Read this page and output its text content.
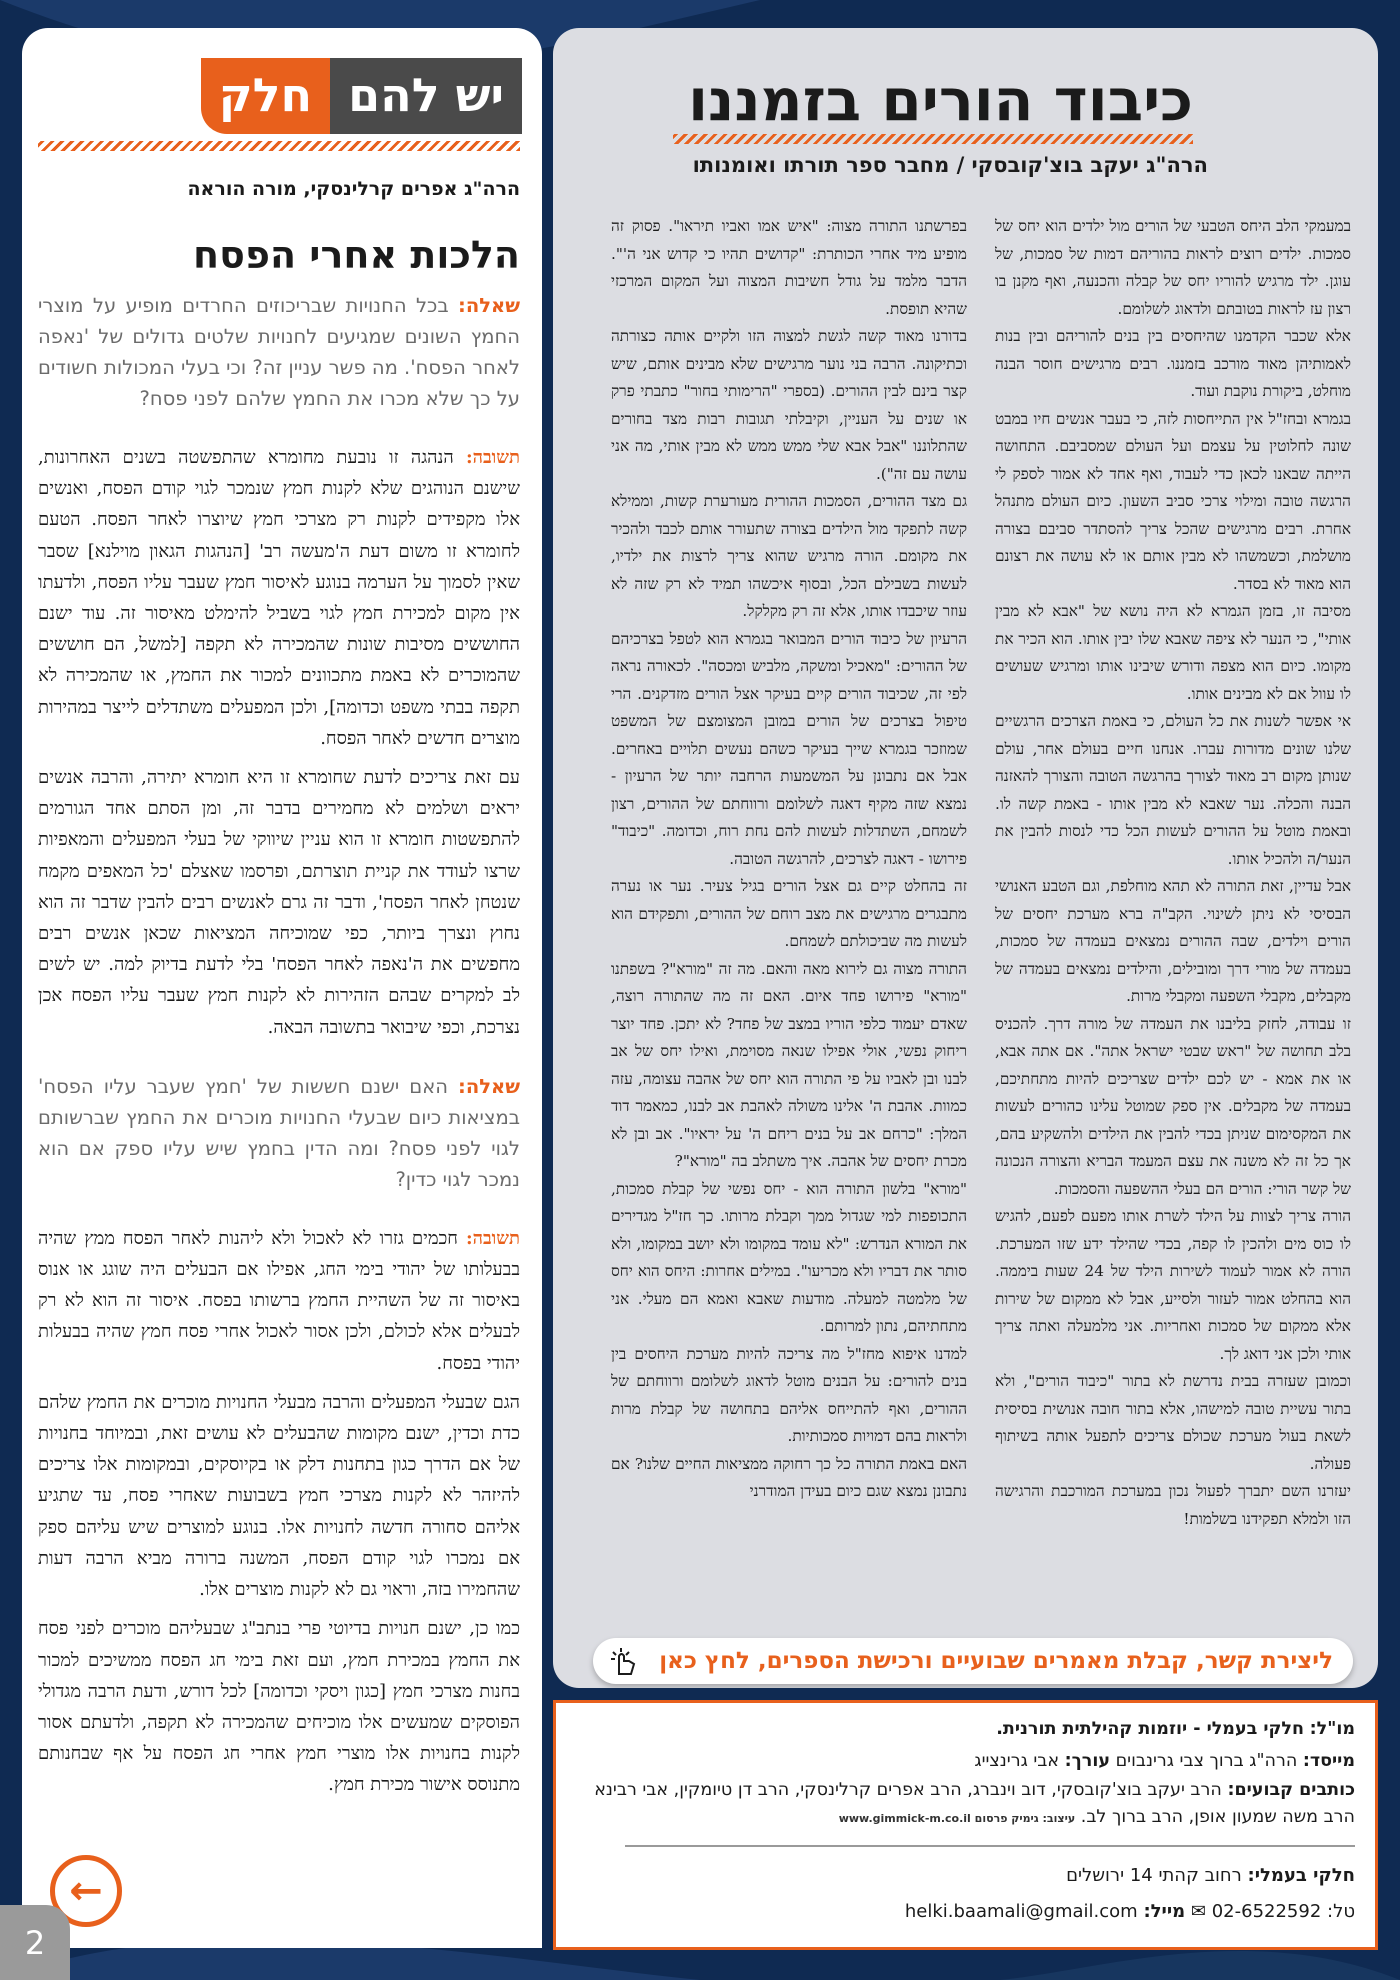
יש להם
חלק
הרה"ג אפרים קרלינסקי, מורה הוראה
הלכות אחרי הפסח

שאלה: בכל החנויות שבריכוזים החרדים מופיע על מוצרי החמץ השונים שמגיעים לחנויות שלטים גדולים של 'נאפה לאחר הפסח'. מה פשר עניין זה? וכי בעלי המכולות חשודים על כך שלא מכרו את החמץ שלהם לפני פסח?

תשובה: הנהגה זו נובעת מחומרא שהתפשטה בשנים האחרונות, שישנם הנוהגים שלא לקנות חמץ שנמכר לגוי קודם הפסח, ואנשים אלו מקפידים לקנות רק מצרכי חמץ שיוצרו לאחר הפסח. הטעם לחומרא זו משום דעת ה'מעשה רב' [הנהגות הגאון מוילנא] שסבר שאין לסמוך על הערמה בנוגע לאיסור חמץ שעבר עליו הפסח, ולדעתו אין מקום למכירת חמץ לגוי בשביל להימלט מאיסור זה. עוד ישנם החוששים מסיבות שונות שהמכירה לא תקפה [למשל, הם חוששים שהמוכרים לא באמת מתכוונים למכור את החמץ, או שהמכירה לא תקפה בבתי משפט וכדומה], ולכן המפעלים משתדלים לייצר במהירות מוצרים חדשים לאחר הפסח.

עם זאת צריכים לדעת שחומרא זו היא חומרא יתירה, והרבה אנשים יראים ושלמים לא מחמירים בדבר זה, ומן הסתם אחד הגורמים להתפשטות חומרא זו הוא עניין שיווקי של בעלי המפעלים והמאפיות שרצו לעודד את קניית תוצרתם, ופרסמו שאצלם 'כל המאפים מקמח שנטחן לאחר הפסח', ודבר זה גרם לאנשים רבים להבין שדבר זה הוא נחוץ ונצרך ביותר, כפי שמוכיחה המציאות שכאן אנשים רבים מחפשים את ה'נאפה לאחר הפסח' בלי לדעת בדיוק למה. יש לשים לב למקרים שבהם הזהירות לא לקנות חמץ שעבר עליו הפסח אכן נצרכת, וכפי שיבואר בתשובה הבאה.

שאלה: האם ישנם חששות של 'חמץ שעבר עליו הפסח' במציאות כיום שבעלי החנויות מוכרים את החמץ שברשותם לגוי לפני פסח? ומה הדין בחמץ שיש עליו ספק אם הוא נמכר לגוי כדין?

תשובה: חכמים גזרו לא לאכול ולא ליהנות לאחר הפסח ממץ שהיה בבעלותו של יהודי בימי החג, אפילו אם הבעלים היה שוגג או אנוס באיסור זה של השהיית החמץ ברשותו בפסח. איסור זה הוא לא רק לבעלים אלא לכולם, ולכן אסור לאכול אחרי פסח חמץ שהיה בבעלות יהודי בפסח.

הגם שבעלי המפעלים והרבה מבעלי החנויות מוכרים את החמץ שלהם כדת וכדין, ישנם מקומות שהבעלים לא עושים זאת, ובמיוחד בחנויות של אם הדרך כגון בתחנות דלק או בקיוסקים, ובמקומות אלו צריכים להיזהר לא לקנות מצרכי חמץ בשבועות שאחרי פסח, עד שתגיע אליהם סחורה חדשה לחנויות אלו. בנוגע למוצרים שיש עליהם ספק אם נמכרו לגוי קודם הפסח, המשנה ברורה מביא הרבה דעות שהחמירו בזה, וראוי גם לא לקנות מוצרים אלו.

כמו כן, ישנם חנויות בדיוטי פרי בנתב"ג שבעליהם מוכרים לפני פסח את החמץ במכירת חמץ, ועם זאת בימי חג הפסח ממשיכים למכור בחנות מצרכי חמץ [כגון ויסקי וכדומה] לכל דורש, ודעת הרבה מגדולי הפוסקים שמעשים אלו מוכיחים שהמכירה לא תקפה, ולדעתם אסור לקנות בחנויות אלו מוצרי חמץ אחרי חג הפסח על אף שבחנותם מתנוסס אישור מכירת חמץ.

←
כיבוד הורים בזמננו
הרה"ג יעקב בוצ'קובסקי / מחבר ספר תורתו ואומנותו

בפרשתנו התורה מצוה: "איש אמו ואביו תיראו". פסוק זה מופיע מיד אחרי הכותרת: "קדושים תהיו כי קדוש אני ה'". הדבר מלמד על גודל חשיבות המצוה ועל המקום המרכזי שהיא תופסת.

בדורנו מאוד קשה לגשת למצוה הזו ולקיים אותה כצורתה וכתיקונה. הרבה בני נוער מרגישים שלא מבינים אותם, שיש קצר בינם לבין ההורים. (בספרי "הרימותי בחור" כתבתי פרק או שנים על העניין, וקיבלתי תגובות רבות מצד בחורים שהתלוננו "אבל אבא שלי ממש ממש לא מבין אותי, מה אני עושה עם זה").

גם מצד ההורים, הסמכות ההורית מעורערת קשות, וממילא קשה לתפקד מול הילדים בצורה שתעורר אותם לכבד ולהכיר את מקומם. הורה מרגיש שהוא צריך לרצות את ילדיו, לעשות בשבילם הכל, ובסוף איכשהו תמיד לא רק שזה לא עוזר שיכבדו אותו, אלא זה רק מקלקל.

הרעיון של כיבוד הורים המבואר בגמרא הוא לטפל בצרכיהם של ההורים: "מאכיל ומשקה, מלביש ומכסה". לכאורה נראה לפי זה, שכיבוד הורים קיים בעיקר אצל הורים מזדקנים. הרי טיפול בצרכים של הורים במובן המצומצם של המשפט שמוזכר בגמרא שייך בעיקר כשהם נעשים תלויים באחרים. אבל אם נתבונן על המשמעות הרחבה יותר של הרעיון - נמצא שזה מקיף דאגה לשלומם ורווחתם של ההורים, רצון לשמחם, השתדלות לעשות להם נחת רוח, וכדומה. "כיבוד" פירושו - דאגה לצרכים, להרגשה הטובה.

זה בהחלט קיים גם אצל הורים בגיל צעיר. נער או נערה מתבגרים מרגישים את מצב רוחם של ההורים, ותפקידם הוא לעשות מה שביכולתם לשמחם.

התורה מצוה גם לירוא מאה והאם. מה זה "מורא"? בשפתנו "מורא" פירושו פחד איום. האם זה מה שהתורה רוצה, שאדם יעמוד כלפי הוריו במצב של פחד? לא יתכן. פחד יוצר ריחוק נפשי, אולי אפילו שנאה מסוימת, ואילו יחס של אב לבנו ובן לאביו על פי התורה הוא יחס של אהבה עצומה, עזה כמוות. אהבת ה' אלינו משולה לאהבת אב לבנו, כמאמר דוד המלך: "כרחם אב על בנים ריחם ה' על יראיו". אב ובן לא מכרת יחסים של אהבה. איך משתלב בה "מורא"?

"מורא" בלשון התורה הוא - יחס נפשי של קבלת סמכות, התכופפות למי שגדול ממך וקבלת מרותו. כך חז"ל מגדירים את המורא הנדרש: "לא עומד במקומו ולא יושב במקומו, ולא סותר את דבריו ולא מכריעו". במילים אחרות: היחס הוא יחס של מלמטה למעלה. מודעות שאבא ואמא הם מעלי. אני מתחתיהם, נתון למרותם.

למדנו איפוא מחז"ל מה צריכה להיות מערכת היחסים בין בנים להורים: על הבנים מוטל לדאוג לשלומם ורווחתם של ההורים, ואף להתייחס אליהם בתחושה של קבלת מרות ולראות בהם דמויות סמכותיות.

האם באמת התורה כל כך רחוקה ממציאות החיים שלנו? אם נתבונן נמצא שגם כיום בעידן המודרני

במעמקי הלב היחס הטבעי של הורים מול ילדים הוא יחס של סמכות. ילדים רוצים לראות בהוריהם דמות של סמכות, של עוגן. ילד מרגיש להוריו יחס של קבלה והכנעה, ואף מקנן בו רצון עז לראות בטובתם ולדאוג לשלומם.

אלא שכבר הקדמנו שהיחסים בין בנים להוריהם ובין בנות לאמותיהן מאוד מורכב בזמננו. רבים מרגישים חוסר הבנה מוחלט, ביקורת נוקבת ועוד.

בגמרא ובחז"ל אין התייחסות לזה, כי בעבר אנשים חיו במבט שונה לחלוטין על עצמם ועל העולם שמסביבם. התחושה הייתה שבאנו לכאן כדי לעבוד, ואף אחד לא אמור לספק לי הרגשה טובה ומילוי צרכי סביב השעון. כיום העולם מתנהל אחרת. רבים מרגישים שהכל צריך להסתדר סביבם בצורה מושלמת, וכשמשהו לא מבין אותם או לא עושה את רצונם הוא מאוד לא בסדר.

מסיבה זו, בזמן הגמרא לא היה נושא של "אבא לא מבין אותי", כי הנער לא ציפה שאבא שלו יבין אותו. הוא הכיר את מקומו. כיום הוא מצפה ודורש שיבינו אותו ומרגיש שעושים לו עוול אם לא מבינים אותו.

אי אפשר לשנות את כל העולם, כי באמת הצרכים הרגשיים שלנו שונים מדורות עברו. אנחנו חיים בעולם אחר, עולם שנותן מקום רב מאוד לצורך בהרגשה הטובה והצורך להאזנה הבנה והכלה. נער שאבא לא מבין אותו - באמת קשה לו. ובאמת מוטל על ההורים לעשות הכל כדי לנסות להבין את הנער/ה ולהכיל אותו.

אבל עדיין, זאת התורה לא תהא מוחלפת, וגם הטבע האנושי הבסיסי לא ניתן לשינוי. הקב"ה ברא מערכת יחסים של הורים וילדים, שבה ההורים נמצאים בעמדה של סמכות, בעמדה של מורי דרך ומובילים, והילדים נמצאים בעמדה של מקבלים, מקבלי השפעה ומקבלי מרות.

זו עבודה, לחזק בליבנו את העמדה של מורה דרך. להכניס בלב תחושה של "ראש שבטי ישראל אתה". אם אתה אבא, או את אמא - יש לכם ילדים שצריכים להיות מתחתיכם, בעמדה של מקבלים. אין ספק שמוטל עלינו כהורים לעשות את המקסימום שניתן בכדי להבין את הילדים ולהשקיע בהם, אך כל זה לא משנה את עצם המעמד הבריא והצורה הנכונה של קשר הורי: הורים הם בעלי ההשפעה והסמכות.

הורה צריך לצוות על הילד לשרת אותו מפעם לפעם, להגיש לו כוס מים ולהכין לו קפה, בכדי שהילד ידע שזו המערכת. הורה לא אמור לעמוד לשירות הילד של 24 שעות ביממה. הוא בהחלט אמור לעזור ולסייע, אבל לא ממקום של שירות אלא ממקום של סמכות ואחריות. אני מלמעלה ואתה צריך אותי ולכן אני דואג לך.

וכמובן שעזרה בבית נדרשת לא בתור "כיבוד הורים", ולא בתור עשיית טובה למישהו, אלא בתור חובה אנושית בסיסית לשאת בעול מערכת שכולם צריכים לתפעל אותה בשיתוף פעולה.

יעזרנו השם יתברך לפעול נכון במערכת המורכבת והרגישה הזו ולמלא תפקידנו בשלמות!

ליצירת קשר, קבלת מאמרים שבועיים ורכישת הספרים, לחץ כאן
מו"ל: חלקי בעמלי - יוזמות קהילתית תורנית.
מייסד: הרה"ג ברוך צבי גרינבוים עורך: אבי גרינצייג
כותבים קבועים: הרב יעקב בוצ'קובסקי, דוב וינברג, הרב אפרים קרלינסקי, הרב דן טיומקין, אבי רבינא הרב משה שמעון אופן, הרב ברוך לב. עיצוב: גימיק פרסום www.gimmick-m.co.il
חלקי בעמלי: רחוב קהתי 14 ירושלים
טל: 02-6522592 ✉ מייל: helki.baamali@gmail.com
2
